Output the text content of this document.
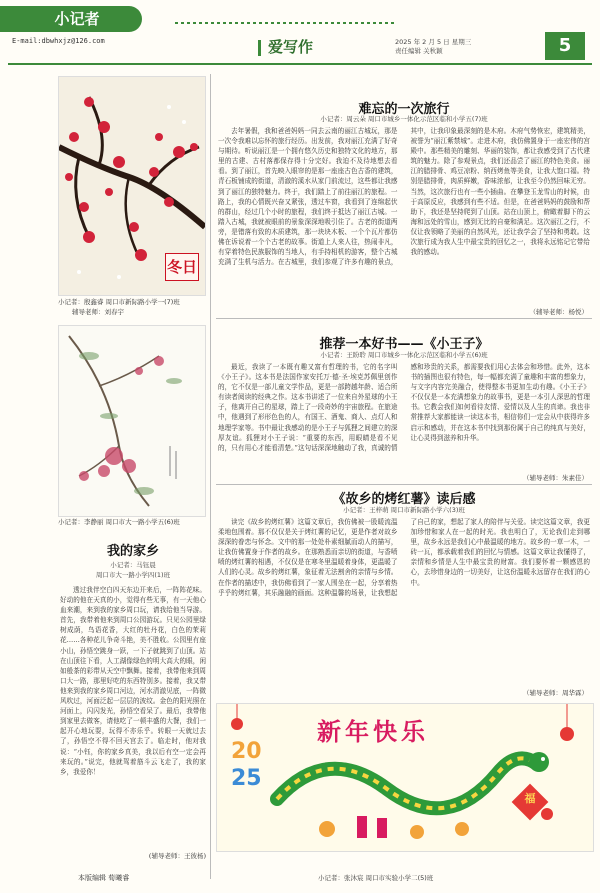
小记者
E-mail:dbwhxjz@126.com	爱写作	2025 年 2 月 5 日 星期三
责任编辑 关秋颖	5
冬日
小记者：殷鑫睿 周口市新际路小学一(7)班
辅导老师：刘春宇
小记者：李静丽 周口市大一路小学五(6)班
我的家乡
小记者：马钰晨
周口市大一路小学四(1)班
透过我伴空白四天东边开来后，一阵阵花味。好动的他在天真的小，觉得有些无事，有一天他心血来潮，来到我的家乡周口玩，请我给他当导游。首先，我带着他来到周口公园游玩。只见公园里绿树成荫，鸟语花香，大红的牡丹花，白色的茉莉花……各种花儿争奇斗艳，美不胜收。公园里有座小山，孙悟空跳身一跃，一下子就跳到了山顶。站在山顶往下看，人工湖像绿色的明大高大的眼，闲如般茶的彩带从天空中飘舞。接着，我带他来到周口大一路，那里好吃的东西特别多。接着，我又带他来到我的家乡周口河边，河水清澈见底，一阵微风吹过，河面泛起一层层的波纹。金色的阳光照在河面上，闪闪发光，孙悟空看呆了。最后，我带他到家里去做客，请他吃了一顿丰盛的大餐，我们一起开心地玩耍，玩得不亦乐乎。转眼一天就过去了，孙悟空不得不回天宫去了。临走时，他对我说：“小钰，你的家乡真美，我以后有空一定会再来玩的。”说完，他就驾着筋斗云飞走了，我的家乡，我爱你！
(辅导老师：王彼杨)
本版编辑 荀曦睿
难忘的一次旅行
小记者：周云朵 周口市城乡一体化示范区临和小学五(7)班
去年暑假，我和爸爸妈妈一同去云南的丽江古城玩，那是一次令我难以忘怀的旅行经历。出发前，我对丽江充满了好奇与期待。听说丽江是一个拥有悠久历史和独特文化的地方，那里的古建、古村落都保存得十分完好。我迫不及待地想去看看。到了丽江，首先映入眼帘的是那一座座古色古香的建筑，青石板铺成的街道，清澈的溪水从家门前流过，这些都让我感到了丽江的独特魅力。终于，我们踏上了前往丽江的旅程。一路上，我的心情既兴奋又紧张，透过车窗，我看到了连绵起伏的群山，经过几个小时的旅程，我们终于抵达了丽江古城。一踏入古城，我就被眼前的景象深深地吸引住了。古老的街道两旁，是错落有致的木质建筑，那一块块木板、一个个瓦片都仿佛在诉说着一个个古老的故事。街道上人来人往，热闹非凡，有穿着特色民族服饰的当地人，有手持相机的游客，整个古城充满了生机与活力。在古城里，我们参观了许多有趣的景点，其中，让我印象最深刻的是木府。木府气势恢宏，建筑精美，被誉为“丽江紫禁城”。走进木府，我仿佛置身于一座宏伟的宫殿中。那些精美的雕刻、华丽的装饰，都让我感受到了古代建筑的魅力。除了参观景点，我们还品尝了丽江的特色美食。丽江的腊排骨、鸡豆凉粉、纳西烤鱼等美食，让我大饱口福。特别是腊排骨，肉质鲜嫩，香味浓郁，让我至今仍然回味无穷。当然，这次旅行也有一些小插曲。在攀登玉龙雪山的时候，由于高原反应，我感到有些不适。但是，在爸爸妈妈的鼓励和帮助下，我还是坚持爬到了山顶。站在山顶上，俯瞰着脚下的云海和远处的雪山，感到无比的自豪和满足。这次丽江之行，不仅让我领略了美丽的自然风光，还让我学会了坚持和勇敢。这次旅行成为我人生中最宝贵的回忆之一，我将永远铭记它带给我的感动。
（辅导老师：杨悦）
推荐一本好书——《小王子》
小记者：王盼聆 周口市城乡一体化示范区临和小学五(6)班
最近，我读了一本既有趣又富有哲理的书，它的名字叫《小王子》。这本书是法国作家安托万·德·圣·埃克苏佩里创作的，它不仅是一部儿童文学作品，更是一部跨越年龄、适合所有读者阅读的经典之作。这本书讲述了一位来自外星球的小王子，他离开自己的星球，踏上了一段奇妙的宇宙旅程。在旅途中，他遇到了形形色色的人，有国王、酒鬼、商人、点灯人和地理学家等。书中最让我感动的是小王子与狐狸之间建立的深厚友谊。狐狸对小王子说：“重要的东西，用眼睛是看不见的，只有用心才能看清楚。”这句话深深地触动了我，真诚的情感和珍贵的关系，都需要我们用心去体会和珍惜。此外，这本书的插图也很有特色，每一幅都充满了童趣和丰富的想象力，与文字内容完美融合，使得整本书更加生动有趣。《小王子》不仅仅是一本充满想象力的故事书，更是一本引人深思的哲理书。它教会我们如何看待友情、爱情以及人生的真谛。我也非常推荐大家都能读一读这本书，相信你们一定会从中获得许多启示和感动，并在这本书中找到那份属于自己的纯真与美好，让心灵得到滋养和升华。
（辅导老师：朱素佳）
《故乡的烤红薯》读后感
小记者：王梓萌 周口市新际路小学六(3)班
读完《故乡的烤红薯》这篇文章后，我仿佛被一股暖流温柔地包围着。那不仅仅是关于烤红薯的记忆，更是作者对故乡深深的眷恋与怀念。文中的那一处处朴素细腻而动人的描写，让我仿佛置身于作者的故乡。在那熟悉而亲切的街道，与香喷喷的烤红薯的相遇，不仅仅是在寒冬里温暖着身体，更温暖了人们的心灵。故乡的烤红薯，象征着无法割舍的亲情与乡情。在作者的描述中，我仿佛看到了一家人围坐在一起，分享着热乎乎的烤红薯，其乐融融的画面。这种温馨的场景，让我想起了自己的家，想起了家人的陪伴与关爱。读完这篇文章，我更加珍惜和家人在一起的时光。我也明白了，无论我们走到哪里，故乡永远是我们心中最温暖的地方。故乡的一草一木，一砖一瓦，都承载着我们的回忆与情感。这篇文章让我懂得了，亲情和乡情是人生中最宝贵的财富。我们要怀着一颗感恩的心，去珍惜身边的一切美好，让这份温暖永远留存在我们的心中。
（辅导老师：周华霖）
新年快乐
20
25
福
小记者：张沐宸 周口市实验小学二(5)班
